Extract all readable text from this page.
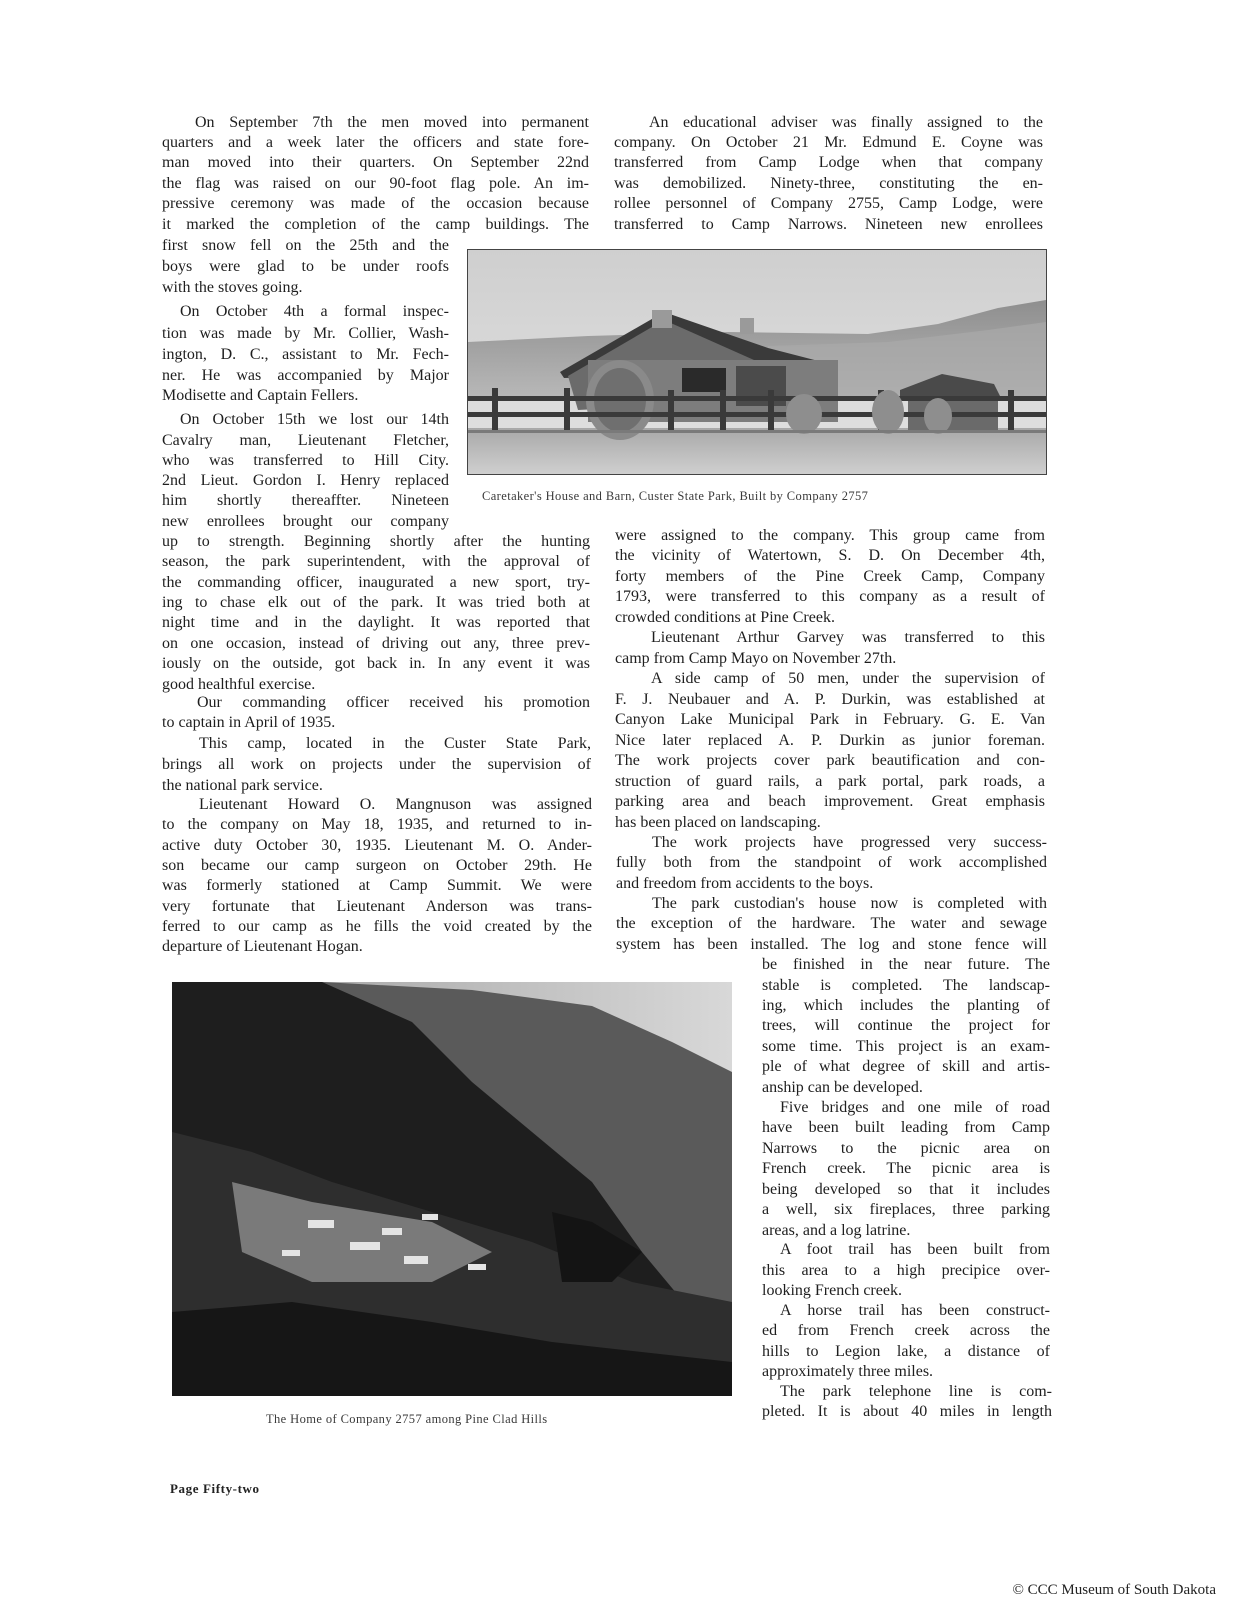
On September 7th the men moved into permanent
quarters and a week later the officers and state fore-
man moved into their quarters. On September 22nd
the flag was raised on our 90-foot flag pole. An im-
pressive ceremony was made of the occasion because
it marked the completion of the camp buildings. The
first snow fell on the 25th and the
boys were glad to be under roofs
with the stoves going.
On October 4th a formal inspec-
tion was made by Mr. Collier, Wash-
ington, D. C., assistant to Mr. Fech-
ner. He was accompanied by Major
Modisette and Captain Fellers.
On October 15th we lost our 14th
Cavalry man, Lieutenant Fletcher,
who was transferred to Hill City.
2nd Lieut. Gordon I. Henry replaced
him shortly thereaffter. Nineteen
new enrollees brought our company
up to strength. Beginning shortly after the hunting
season, the park superintendent, with the approval of
the commanding officer, inaugurated a new sport, try-
ing to chase elk out of the park. It was tried both at
night time and in the daylight. It was reported that
on one occasion, instead of driving out any, three prev-
iously on the outside, got back in. In any event it was
good healthful exercise.
Our commanding officer received his promotion
to captain in April of 1935.
This camp, located in the Custer State Park,
brings all work on projects under the supervision of
the national park service.
Lieutenant Howard O. Mangnuson was assigned
to the company on May 18, 1935, and returned to in-
active duty October 30, 1935. Lieutenant M. O. Ander-
son became our camp surgeon on October 29th. He
was formerly stationed at Camp Summit. We were
very fortunate that Lieutenant Anderson was trans-
ferred to our camp as he fills the void created by the
departure of Lieutenant Hogan.
An educational adviser was finally assigned to the
company. On October 21 Mr. Edmund E. Coyne was
transferred from Camp Lodge when that company
was demobilized. Ninety-three, constituting the en-
rollee personnel of Company 2755, Camp Lodge, were
transferred to Camp Narrows. Nineteen new enrollees
were assigned to the company. This group came from
the vicinity of Watertown, S. D. On December 4th,
forty members of the Pine Creek Camp, Company
1793, were transferred to this company as a result of
crowded conditions at Pine Creek.
Lieutenant Arthur Garvey was transferred to this
camp from Camp Mayo on November 27th.
A side camp of 50 men, under the supervision of
F. J. Neubauer and A. P. Durkin, was established at
Canyon Lake Municipal Park in February. G. E. Van
Nice later replaced A. P. Durkin as junior foreman.
The work projects cover park beautification and con-
struction of guard rails, a park portal, park roads, a
parking area and beach improvement. Great emphasis
has been placed on landscaping.
The work projects have progressed very success-
fully both from the standpoint of work accomplished
and freedom from accidents to the boys.
The park custodian's house now is completed with
the exception of the hardware. The water and sewage
system has been installed. The log and stone fence will
be finished in the near future. The
stable is completed. The landscap-
ing, which includes the planting of
trees, will continue the project for
some time. This project is an exam-
ple of what degree of skill and artis-
anship can be developed.
Five bridges and one mile of road
have been built leading from Camp
Narrows to the picnic area on
French creek. The picnic area is
being developed so that it includes
a well, six fireplaces, three parking
areas, and a log latrine.
A foot trail has been built from
this area to a high precipice over-
looking French creek.
A horse trail has been construct-
ed from French creek across the
hills to Legion lake, a distance of
approximately three miles.
The park telephone line is com-
pleted. It is about 40 miles in length
Caretaker's House and Barn, Custer State Park, Built by Company 2757
The Home of Company 2757 among Pine Clad Hills
Page Fifty-two
© CCC Museum of South Dakota
